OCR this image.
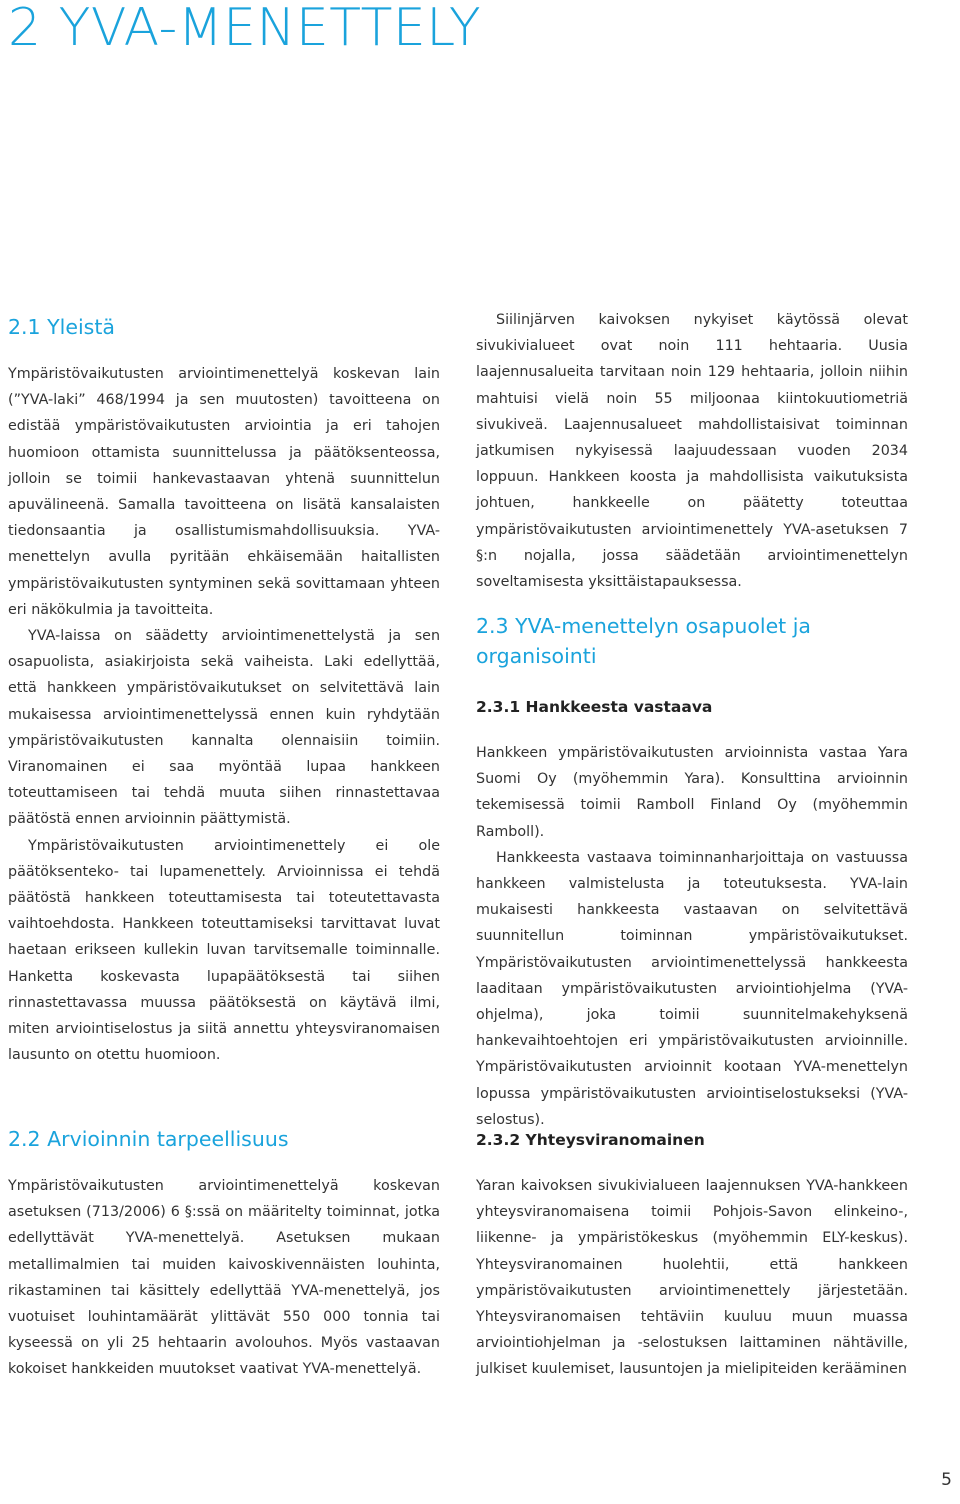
2 YVA-MENETTELY
2.1 Yleistä

Ympäristövaikutusten arviointimenettelyä koskevan lain (”YVA-laki” 468/1994 ja sen muutosten) tavoitteena on edistää ympäristövaikutusten arviointia ja eri tahojen huomioon ottamista suunnittelussa ja päätöksenteossa, jolloin se toimii hankevastaavan yhtenä suunnittelun apuvälineenä. Samalla tavoitteena on lisätä kansalaisten tiedonsaantia ja osallistumismahdollisuuksia. YVA-menettelyn avulla pyritään ehkäisemään haitallisten ympäristövaikutusten syntyminen sekä sovittamaan yhteen eri näkökulmia ja tavoitteita.

YVA-laissa on säädetty arviointimenettelystä ja sen osapuolista, asiakirjoista sekä vaiheista. Laki edellyttää, että hankkeen ympäristövaikutukset on selvitettävä lain mukaisessa arviointimenettelyssä ennen kuin ryhdytään ympäristövaikutusten kannalta olennaisiin toimiin. Viranomainen ei saa myöntää lupaa hankkeen toteuttamiseen tai tehdä muuta siihen rinnastettavaa päätöstä ennen arvioinnin päättymistä.

Ympäristövaikutusten arviointimenettely ei ole päätöksenteko- tai lupamenettely. Arvioinnissa ei tehdä päätöstä hankkeen toteuttamisesta tai toteutettavasta vaihtoehdosta. Hankkeen toteuttamiseksi tarvittavat luvat haetaan erikseen kullekin luvan tarvitsemalle toiminnalle. Hanketta koskevasta lupapäätöksestä tai siihen rinnastettavassa muussa päätöksestä on käytävä ilmi, miten arviointiselostus ja siitä annettu yhteysviranomaisen lausunto on otettu huomioon.

2.2 Arvioinnin tarpeellisuus

Ympäristövaikutusten arviointimenettelyä koskevan asetuksen (713/2006) 6 §:ssä on määritelty toiminnat, jotka edellyttävät YVA-menettelyä. Asetuksen mukaan metallimalmien tai muiden kaivoskivennäisten louhinta, rikastaminen tai käsittely edellyttää YVA-menettelyä, jos vuotuiset louhintamäärät ylittävät 550 000 tonnia tai kyseessä on yli 25 hehtaarin avolouhos. Myös vastaavan kokoiset hankkeiden muutokset vaativat YVA-menettelyä.

Siilinjärven kaivoksen nykyiset käytössä olevat sivukivialueet ovat noin 111 hehtaaria. Uusia laajennusalueita tarvitaan noin 129 hehtaaria, jolloin niihin mahtuisi vielä noin 55 miljoonaa kiintokuutiometriä sivukiveä. Laajennusalueet mahdollistaisivat toiminnan jatkumisen nykyisessä laajuudessaan vuoden 2034 loppuun. Hankkeen koosta ja mahdollisista vaikutuksista johtuen, hankkeelle on päätetty toteuttaa ympäristövaikutusten arviointimenettely YVA-asetuksen 7 §:n nojalla, jossa säädetään arviointimenettelyn soveltamisesta yksittäistapauksessa.

2.3 YVA-menettelyn osapuolet ja
organisointi
2.3.1 Hankkeesta vastaava

Hankkeen ympäristövaikutusten arvioinnista vastaa Yara Suomi Oy (myöhemmin Yara). Konsulttina arvioinnin tekemisessä toimii Ramboll Finland Oy (myöhemmin Ramboll).

Hankkeesta vastaava toiminnanharjoittaja on vastuussa hankkeen valmistelusta ja toteutuksesta. YVA-lain mukaisesti hankkeesta vastaavan on selvitettävä suunnitellun toiminnan ympäristövaikutukset. Ympäristövaikutusten arviointimenettelyssä hankkeesta laaditaan ympäristövaikutusten arviointiohjelma (YVA-ohjelma), joka toimii suunnitelmakehyksenä hankevaihtoehtojen eri ympäristövaikutusten arvioinnille. Ympäristövaikutusten arvioinnit kootaan YVA-menettelyn lopussa ympäristövaikutusten arviointiselostukseksi (YVA-selostus).

2.3.2 Yhteysviranomainen

Yaran kaivoksen sivukivialueen laajennuksen YVA-hankkeen yhteysviranomaisena toimii Pohjois-Savon elinkeino-, liikenne- ja ympäristökeskus (myöhemmin ELY-keskus). Yhteysviranomainen huolehtii, että hankkeen ympäristövaikutusten arviointimenettely järjestetään. Yhteysviranomaisen tehtäviin kuuluu muun muassa arviointiohjelman ja -selostuksen laittaminen nähtäville, julkiset kuulemiset, lausuntojen ja mielipiteiden kerääminen

5
